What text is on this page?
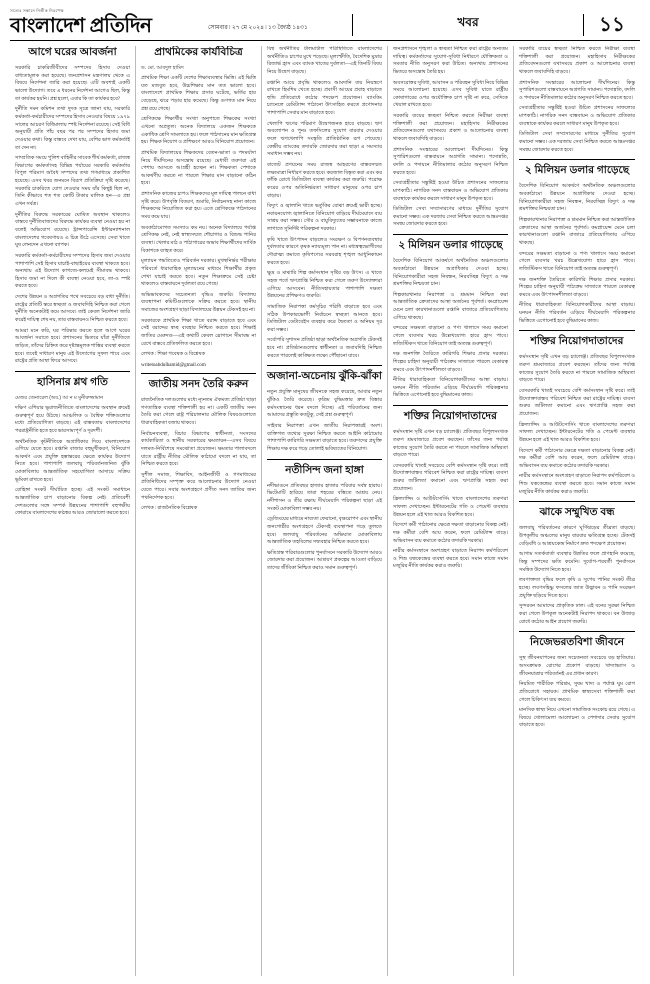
সত্যের সন্ধানে নির্ভীক নিরপেক্ষ
বাংলাদেশ প্রতিদিন	সোমবার ৷ ২৭ মে ২০২৪ ৷ ১৩ জ্যৈষ্ঠ ১৪৩১	খবর	১১
আগে ঘরের আবর্জনা

সরকারি চাকরিজীবীদের সম্পদের হিসাব দেওয়া বাধ্যতামূলক করা হয়েছে। জনপ্রশাসন মন্ত্রণালয় থেকে এ বিষয়ে নির্দেশনা জারি করা হয়েছে। এটি অবশ্যই একটি ভালো উদ্যোগ। তবে এ ধরনের নির্দেশনা আগেও ছিল, কিন্তু তা কার্যকর হয়নি। প্রশ্ন হলো, এবার কি তা কার্যকর হবে?

দুর্নীতি দমন কমিশন তথা দুদক সূত্রে জানা যায়, সরকারি কর্মকর্তা-কর্মচারীদের সম্পদের হিসাব নেওয়ার বিষয়ে ১৯৭৯ সালের আচরণ বিধিমালায় স্পষ্ট নির্দেশনা রয়েছে। সেই বিধি অনুযায়ী প্রতি পাঁচ বছর পর পর সম্পদের হিসাব জমা দেওয়ার কথা। কিন্তু বাস্তবে দেখা যায়, বেশির ভাগ কর্মকর্তাই তা দেন না।

সাম্প্রতিক সময়ে পুলিশ বাহিনীর সাবেক শীর্ষ কর্মকর্তা, রাজস্ব বিভাগের কর্মকর্তাসহ বিভিন্ন পর্যায়ের সরকারি কর্মকর্তার বিপুল পরিমাণ অবৈধ সম্পদের তথ্য গণমাধ্যমে প্রকাশিত হয়েছে। এসব খবর জনমনে বিরূপ প্রতিক্রিয়া সৃষ্টি করেছে। সরকারি চাকরিতে যোগ দেওয়ার সময় যাঁর কিছুই ছিল না, তিনি কীভাবে শত শত কোটি টাকার মালিক হন—এ প্রশ্ন এখন সর্বত্র।

দুর্নীতির বিরুদ্ধে সরকারের ঘোষিত অবস্থান থাকলেও বাস্তবে দুর্নীতিবাজদের বিরুদ্ধে কার্যকর ব্যবস্থা নেওয়া হয় না বলেই অভিযোগ রয়েছে। ট্রান্সপারেন্সি ইন্টারন্যাশনাল বাংলাদেশের গবেষণায়ও এ চিত্র উঠে এসেছে। সেবা খাতে ঘুষ লেনদেন এখনো ব্যাপক।

সরকারি কর্মকর্তা-কর্মচারীদের সম্পদের হিসাব জমা দেওয়ার পাশাপাশি সেই হিসাব যাচাই-বাছাইয়ের ব্যবস্থা থাকতে হবে। অন্যথায় এই উদ্যোগ কাগজে-কলমেই সীমাবদ্ধ থাকবে। হিসাব জমা না দিলে কী ব্যবস্থা নেওয়া হবে, তা-ও স্পষ্ট করতে হবে।

দেশের উন্নয়ন ও অগ্রগতির পথে সবচেয়ে বড় বাধা দুর্নীতি। রাষ্ট্রের প্রতিটি স্তরে স্বচ্ছতা ও জবাবদিহি নিশ্চিত করা গেলে দুর্নীতি অনেকটাই কমে আসবে। তাই কেবল নির্দেশনা জারি করেই দায়িত্ব শেষ নয়, তার বাস্তবায়নও নিশ্চিত করতে হবে।

আমরা মনে করি, ঘর পরিষ্কার করতে হলে আগে ঘরের আবর্জনা সরাতে হবে। প্রশাসনের ভিতরে যাঁরা দুর্নীতিতে জড়িত, তাঁদের চিহ্নিত করে দৃষ্টান্তমূলক শাস্তির ব্যবস্থা করতে হবে। তবেই সাধারণ মানুষ এই উদ্যোগের সুফল পাবে এবং রাষ্ট্রের প্রতি আস্থা ফিরে আসবে।

হাসিনার শ্লথ গতি
মেজর জেনারেল (অব.) আ ন ম মুনীরুজ্জামান

দক্ষিণ এশিয়ার ভূরাজনীতিতে বাংলাদেশের অবস্থান ক্রমেই গুরুত্বপূর্ণ হয়ে উঠছে। আঞ্চলিক ও বৈশ্বিক শক্তিগুলোর মধ্যে প্রতিযোগিতা বাড়ছে। এই বাস্তবতায় বাংলাদেশের পররাষ্ট্রনীতি হতে হবে ভারসাম্যপূর্ণ ও দূরদর্শী।

অর্থনৈতিক কূটনীতিকে অগ্রাধিকার দিয়ে বাংলাদেশকে এগিয়ে যেতে হবে। রপ্তানি বাজার বহুমুখীকরণ, বিনিয়োগ আকর্ষণ এবং প্রযুক্তি হস্তান্তরের ক্ষেত্রে কার্যকর উদ্যোগ নিতে হবে। পাশাপাশি জলবায়ু পরিবর্তনজনিত ঝুঁকি মোকাবিলায় আন্তর্জাতিক সহযোগিতা আদায়ে সক্রিয় ভূমিকা রাখতে হবে।

রোহিঙ্গা সংকট দীর্ঘায়িত হচ্ছে। এই সংকট সমাধানে আন্তর্জাতিক চাপ বাড়ানোর বিকল্প নেই। প্রতিবেশী দেশগুলোর সঙ্গে সম্পর্ক উন্নয়নের পাশাপাশি বহুপক্ষীয় ফোরামে বাংলাদেশের কণ্ঠস্বর আরও জোরালো করতে হবে।

প্রাথমিকের কার্যবিচিত্র
ড. মো. আবদুল হামিদ

প্রাথমিক শিক্ষা একটি দেশের শিক্ষাব্যবস্থার ভিত্তি। এই ভিত্তি যত মজবুত হবে, উচ্চশিক্ষার মান তত ভালো হবে। বাংলাদেশে প্রাথমিক শিক্ষার প্রসার ঘটেছে, ভর্তির হার বেড়েছে, ঝরে পড়ার হার কমেছে। কিন্তু গুণগত মান নিয়ে প্রশ্ন রয়ে গেছে।

শ্রেণিকক্ষে শিক্ষার্থীর সংখ্যা অনুপাতে শিক্ষকের সংখ্যা এখনো অপ্রতুল। অনেক বিদ্যালয়ে একজন শিক্ষককে একাধিক শ্রেণি সামলাতে হয়। ফলে পাঠদানের মান ক্ষতিগ্রস্ত হয়। শিক্ষক নিয়োগ ও প্রশিক্ষণে আরও বিনিয়োগ প্রয়োজন।

প্রাথমিক বিদ্যালয়ের শিক্ষকদের বেতন-ভাতা ও পদমর্যাদা নিয়ে দীর্ঘদিনের অসন্তোষ রয়েছে। মেধাবী তরুণরা এই পেশায় আসতে আগ্রহী হচ্ছেন না। শিক্ষকতা পেশাকে আকর্ষণীয় করতে না পারলে শিক্ষার মান বাড়ানো কঠিন হবে।

প্রশাসনিক কাজের চাপও শিক্ষকদের মূল দায়িত্ব পালনে বাধা সৃষ্টি করে। উপবৃত্তি বিতরণ, শুমারি, নির্বাচনসহ নানা কাজে শিক্ষকদের নিয়োজিত করা হয়। এতে শ্রেণিকক্ষে পাঠদানের সময় কমে যায়।

অবকাঠামোগত সমস্যাও কম নয়। অনেক বিদ্যালয়ে পর্যাপ্ত শ্রেণিকক্ষ নেই, নেই স্বাস্থ্যসম্মত শৌচাগার ও বিশুদ্ধ পানির ব্যবস্থা। খেলার মাঠ ও পাঠাগারের অভাব শিক্ষার্থীদের সার্বিক বিকাশকে ব্যাহত করে।

মূল্যায়ন পদ্ধতিতেও পরিবর্তন দরকার। মুখস্থনির্ভর পরীক্ষার পরিবর্তে ধারাবাহিক মূল্যায়নের মাধ্যমে শিক্ষার্থীর প্রকৃত শেখা যাচাই করতে হবে। নতুন শিক্ষাক্রমে সেই চেষ্টা থাকলেও বাস্তবায়নে দুর্বলতা রয়ে গেছে।

অভিভাবকদের সচেতনতা বৃদ্ধিও জরুরি। বিদ্যালয় ব্যবস্থাপনা কমিটিগুলোকে সক্রিয় করতে হবে। স্থানীয় সমাজের অংশগ্রহণ ছাড়া বিদ্যালয়ের উন্নয়ন টেকসই হয় না।

সরকারকে প্রাথমিক শিক্ষা খাতে বরাদ্দ বাড়াতে হবে এবং সেই বরাদ্দের স্বচ্ছ ব্যবহার নিশ্চিত করতে হবে। শিক্ষাই জাতির মেরুদণ্ড—এই কথাটি কেবল স্লোগানে সীমাবদ্ধ না রেখে বাস্তবে প্রতিফলিত করতে হবে।

লেখক : শিক্ষা গবেষক ও বিশ্লেষক

writetoabdulhamid@gmail.com
জাতীয় সনদ তৈরি করুন

রাজনৈতিক দলগুলোর মধ্যে ন্যূনতম ঐকমত্য প্রতিষ্ঠা ছাড়া গণতান্ত্রিক ব্যবস্থা শক্তিশালী হয় না। একটি জাতীয় সনদ তৈরি করা গেলে রাষ্ট্র পরিচালনার মৌলিক বিষয়গুলোতে ধারাবাহিকতা বজায় থাকবে।

নির্বাচনব্যবস্থা, বিচার বিভাগের স্বাধীনতা, সংসদের কার্যকারিতা ও স্থানীয় সরকারের ক্ষমতায়ন—এসব বিষয়ে দলমত-নির্বিশেষে সমঝোতা প্রয়োজন। ক্ষমতার পালাবদলে যাতে রাষ্ট্রীয় নীতির মৌলিক কাঠামো বদলে না যায়, তা নিশ্চিত করতে হবে।

সুশীল সমাজ, শিক্ষাবিদ, আইনজীবী ও গণমাধ্যমের প্রতিনিধিদের সম্পৃক্ত করে আলোচনার উদ্যোগ নেওয়া যেতে পারে। সবার অংশগ্রহণে প্রণীত সনদ জাতির জন্য পথনির্দেশক হবে।

লেখক : রাজনৈতিক বিশ্লেষক

বিশ্ব অর্থনীতির টালমাটাল পরিস্থিতিতে বাংলাদেশের অর্থনীতিও চাপের মুখে পড়েছে। মূল্যস্ফীতি, বৈদেশিক মুদ্রার রিজার্ভ হ্রাস এবং ব্যাংক খাতের দুর্বলতা—এই তিনটি বিষয় নিয়ে উদ্বেগ বাড়ছে।

রপ্তানি আয়ে প্রবৃদ্ধি থাকলেও আমদানি ব্যয় নিয়ন্ত্রণে রাখতে হিমশিম খেতে হচ্ছে। প্রবাসী আয়ের প্রবাহ বাড়াতে হুন্ডি প্রতিরোধে কঠোর পদক্ষেপ প্রয়োজন। ব্যাংকিং চ্যানেলে রেমিট্যান্স পাঠানো উৎসাহিত করতে প্রণোদনার পাশাপাশি সেবার মান বাড়াতে হবে।

খেলাপি ঋণের পরিমাণ উদ্বেগজনক হারে বাড়ছে। ঋণ অবলোপন ও পুনঃ তফসিলের সুযোগ বারবার দেওয়ার ফলে ঋণখেলাপি সংস্কৃতি প্রাতিষ্ঠানিক রূপ পেয়েছে। কেন্দ্রীয় ব্যাংকের তদারকি জোরদার করা ছাড়া এ সমস্যার সমাধান সম্ভব নয়।

বাজেট প্রণয়নের সময় রাজস্ব আহরণের বাস্তবসম্মত লক্ষ্যমাত্রা নির্ধারণ করতে হবে। করজাল বিস্তৃত করা এবং কর ফাঁকি রোধে ডিজিটাল ব্যবস্থা কার্যকর করা জরুরি। পরোক্ষ করের ওপর অতিনির্ভরতা সাধারণ মানুষের ওপর চাপ বাড়ায়।

বিদ্যুৎ ও জ্বালানি খাতে ভর্তুকির বোঝা ক্রমেই ভারী হচ্ছে। নবায়নযোগ্য জ্বালানিতে বিনিয়োগ বাড়িয়ে দীর্ঘমেয়াদে ব্যয় সাশ্রয় করা সম্ভব। সৌর ও বায়ুবিদ্যুতের সম্ভাবনাকে কাজে লাগাতে সুনির্দিষ্ট পরিকল্পনা দরকার।

কৃষি খাতে উৎপাদন বাড়লেও সংরক্ষণ ও বিপণনব্যবস্থার দুর্বলতার কারণে কৃষক ন্যায্যমূল্য পান না। মধ্যস্বত্বভোগীদের দৌরাত্ম্য কমাতে কৃষিপণ্যের সরবরাহ শৃঙ্খল আধুনিকায়ন করতে হবে।

ক্ষুদ্র ও মাঝারি শিল্প কর্মসংস্থান সৃষ্টির বড় উৎস। এ খাতে সহজ শর্তে ঋণপ্রাপ্তি নিশ্চিত করা গেলে তরুণ উদ্যোক্তারা এগিয়ে আসবেন। নীতিসহায়তার পাশাপাশি দক্ষতা উন্নয়নের প্রশিক্ষণও জরুরি।

সামাজিক নিরাপত্তা কর্মসূচির পরিধি বাড়াতে হবে এবং সঠিক উপকারভোগী নির্বাচনে স্বচ্ছতা আনতে হবে। ডিজিটাল ডেটাবেইস ব্যবহার করে দ্বৈততা ও অনিয়ম দূর করা সম্ভব।

সর্বোপরি সুশাসন প্রতিষ্ঠা ছাড়া অর্থনৈতিক অগ্রগতি টেকসই হবে না। প্রতিষ্ঠানগুলোর স্বাধীনতা ও জবাবদিহি নিশ্চিত করতে পারলেই কাঙ্ক্ষিত লক্ষ্যে পৌঁছানো যাবে।

অজানা-অচেনায় ঝুঁকি-ঝাঁকা

নতুন প্রযুক্তি মানুষের জীবনকে সহজ করেছে, আবার নতুন ঝুঁকিও তৈরি করেছে। কৃত্রিম বুদ্ধিমত্তার দ্রুত বিস্তার কর্মসংস্থানের ধরন বদলে দিচ্ছে। এই পরিবর্তনের জন্য আমাদের প্রস্তুতি কতটুকু, সেই প্রশ্ন গুরুত্বপূর্ণ।

সাইবার নিরাপত্তা এখন জাতীয় নিরাপত্তারই অংশ। ব্যক্তিগত তথ্যের সুরক্ষা নিশ্চিত করতে আইনি কাঠামোর পাশাপাশি কারিগরি সক্ষমতা বাড়াতে হবে। তরুণদের প্রযুক্তি শিক্ষায় দক্ষ করে গড়ে তোলাই ভবিষ্যতের বিনিয়োগ।

নতীসিন্দ জনা হাঙ্গা

নদীভাঙনে প্রতিবছর হাজার হাজার পরিবার সর্বস্ব হারায়। ভিটেমাটি হারিয়ে তারা শহরের বস্তিতে আশ্রয় নেয়। নদীশাসন ও তীর রক্ষায় দীর্ঘমেয়াদি পরিকল্পনা ছাড়া এই সংকট মোকাবিলা সম্ভব নয়।

ড্রেজিংয়ের মাধ্যমে নাব্যতা ফেরানো, বৃক্ষরোপণ এবং স্থানীয় জনগোষ্ঠীর অংশগ্রহণে টেকসই ব্যবস্থাপনা গড়ে তুলতে হবে। জলবায়ু পরিবর্তনের অভিঘাত মোকাবিলায় আন্তর্জাতিক তহবিলের সদ্ব্যবহার নিশ্চিত করতে হবে।

ক্ষতিগ্রস্ত পরিবারগুলোর পুনর্বাসনে সরকারি উদ্যোগ আরও জোরদার করা প্রয়োজন। আশ্রয়ণ প্রকল্পের আওতা বাড়িয়ে তাদের জীবিকা নিশ্চিত করাও সমান গুরুত্বপূর্ণ।

জনপ্রশাসনে শৃঙ্খলা ও স্বচ্ছতা নিশ্চিত করা রাষ্ট্রের অন্যতম দায়িত্ব। কর্মকর্তাদের সুযোগ-সুবিধা নির্ধারণে যৌক্তিকতা ও সমতার নীতি অনুসরণ করা উচিত। অন্যথায় প্রশাসনের ভিতরে অসন্তোষ তৈরি হয়।

অবসরোত্তর সুবিধা, আবাসন ও পরিবহন সুবিধা নিয়ে বিভিন্ন সময়ে আলোচনা হয়েছে। এসব সুবিধা যাতে রাষ্ট্রীয় কোষাগারের ওপর অযৌক্তিক চাপ সৃষ্টি না করে, সেদিকে খেয়াল রাখতে হবে।

সরকারি ব্যয়ের স্বচ্ছতা নিশ্চিত করতে নিরীক্ষা ব্যবস্থা শক্তিশালী করা প্রয়োজন। মহাহিসাব নিরীক্ষকের প্রতিবেদনগুলো যথাসময়ে প্রকাশ ও আলোচনার ব্যবস্থা থাকলে জবাবদিহি বাড়বে।

প্রশাসনিক সংস্কারের আলোচনা দীর্ঘদিনের। কিন্তু সুপারিশগুলো বাস্তবায়নে অগ্রগতি সামান্য। পদোন্নতি, বদলি ও পদায়নে নীতিমালার কঠোর অনুসরণ নিশ্চিত করতে হবে।

সেবাগ্রহীতার সন্তুষ্টিই হওয়া উচিত প্রশাসনের সাফল্যের মাপকাঠি। নাগরিক সনদ বাস্তবায়ন ও অভিযোগ প্রতিকার ব্যবস্থাকে কার্যকর করলে সাধারণ মানুষ উপকৃত হবে।

ডিজিটাল সেবা সম্প্রসারণের মাধ্যমে দুর্নীতির সুযোগ কমানো সম্ভব। এক দরজায় সেবা নিশ্চিত করতে আন্তঃদপ্তর সমন্বয় জোরদার করতে হবে।

২ মিলিয়ন ডলার গাড়েছে

বৈদেশিক বিনিয়োগ আকর্ষণে অর্থনৈতিক অঞ্চলগুলোর অবকাঠামো উন্নয়নে অগ্রাধিকার দেওয়া হচ্ছে। বিনিয়োগকারীরা সহজ নিবন্ধন, নিরবচ্ছিন্ন বিদ্যুৎ ও দক্ষ শ্রমশক্তির নিশ্চয়তা চান।

শিল্পকারখানার নিরাপত্তা ও শ্রমমান নিশ্চিত করা আন্তর্জাতিক ক্রেতাদের আস্থা অর্জনের পূর্বশর্ত। কমপ্লায়েন্স মেনে চলা কারখানাগুলো রপ্তানি বাজারে প্রতিযোগিতায় এগিয়ে থাকছে।

বন্দরের সক্ষমতা বাড়ানো ও পণ্য খালাসে সময় কমানো গেলে ব্যবসার খরচ উল্লেখযোগ্য হারে হ্রাস পাবে। লজিস্টিকস খাতে বিনিয়োগ তাই অত্যন্ত গুরুত্বপূর্ণ।

দক্ষ জনশক্তি তৈরিতে কারিগরি শিক্ষার প্রসার দরকার। শিল্পের চাহিদা অনুযায়ী পাঠ্যক্রম সাজাতে পারলে বেকারত্ব কমবে এবং উৎপাদনশীলতা বাড়বে।

নীতির ধারাবাহিকতা বিনিয়োগকারীদের আস্থা বাড়ায়। ঘনঘন নীতি পরিবর্তন এড়িয়ে দীর্ঘমেয়াদি পরিকল্পনার ভিত্তিতে এগোনোই হবে বুদ্ধিমানের কাজ।

শক্তির নিয়োগদাতাদের

কর্মসংস্থান সৃষ্টি এখন বড় চ্যালেঞ্জ। প্রতিবছর বিপুলসংখ্যক তরুণ শ্রমবাজারে প্রবেশ করছেন। তাঁদের জন্য পর্যাপ্ত কাজের সুযোগ তৈরি করতে না পারলে সামাজিক অস্থিরতা বাড়তে পারে।

বেসরকারি খাতই সবচেয়ে বেশি কর্মসংস্থান সৃষ্টি করে। তাই উদ্যোক্তাবান্ধব পরিবেশ নিশ্চিত করা রাষ্ট্রের দায়িত্ব। ব্যবসা শুরুর জটিলতা কমানো এবং ঋণপ্রাপ্তি সহজ করা প্রয়োজন।

ফ্রিল্যান্সিং ও আউটসোর্সিং খাতে বাংলাদেশের তরুণরা সাফল্য দেখাচ্ছেন। ইন্টারনেটের গতি ও পেমেন্ট ব্যবস্থার উন্নয়ন হলে এই খাত আরও বিকশিত হবে।

বিদেশে কর্মী পাঠানোর ক্ষেত্রে দক্ষতা বাড়ানোর বিকল্প নেই। দক্ষ কর্মীরা বেশি আয় করেন, ফলে রেমিট্যান্স বাড়ে। অভিবাসন ব্যয় কমাতে কঠোর তদারকি দরকার।

নারীর কর্মসংস্থানে অংশগ্রহণ বাড়াতে নিরাপদ কর্মপরিবেশ ও শিশু যত্নকেন্দ্রের ব্যবস্থা করতে হবে। সমান কাজে সমান মজুরির নীতি কার্যকর করাও জরুরি।

সরকারি ব্যয়ের স্বচ্ছতা নিশ্চিত করতে নিরীক্ষা ব্যবস্থা শক্তিশালী করা প্রয়োজন। মহাহিসাব নিরীক্ষকের প্রতিবেদনগুলো যথাসময়ে প্রকাশ ও আলোচনার ব্যবস্থা থাকলে জবাবদিহি বাড়বে।

প্রশাসনিক সংস্কারের আলোচনা দীর্ঘদিনের। কিন্তু সুপারিশগুলো বাস্তবায়নে অগ্রগতি সামান্য। পদোন্নতি, বদলি ও পদায়নে নীতিমালার কঠোর অনুসরণ নিশ্চিত করতে হবে।

সেবাগ্রহীতার সন্তুষ্টিই হওয়া উচিত প্রশাসনের সাফল্যের মাপকাঠি। নাগরিক সনদ বাস্তবায়ন ও অভিযোগ প্রতিকার ব্যবস্থাকে কার্যকর করলে সাধারণ মানুষ উপকৃত হবে।

ডিজিটাল সেবা সম্প্রসারণের মাধ্যমে দুর্নীতির সুযোগ কমানো সম্ভব। এক দরজায় সেবা নিশ্চিত করতে আন্তঃদপ্তর সমন্বয় জোরদার করতে হবে।

২ মিলিয়ন ডলার গাড়েছে

বৈদেশিক বিনিয়োগ আকর্ষণে অর্থনৈতিক অঞ্চলগুলোর অবকাঠামো উন্নয়নে অগ্রাধিকার দেওয়া হচ্ছে। বিনিয়োগকারীরা সহজ নিবন্ধন, নিরবচ্ছিন্ন বিদ্যুৎ ও দক্ষ শ্রমশক্তির নিশ্চয়তা চান।

শিল্পকারখানার নিরাপত্তা ও শ্রমমান নিশ্চিত করা আন্তর্জাতিক ক্রেতাদের আস্থা অর্জনের পূর্বশর্ত। কমপ্লায়েন্স মেনে চলা কারখানাগুলো রপ্তানি বাজারে প্রতিযোগিতায় এগিয়ে থাকছে।

বন্দরের সক্ষমতা বাড়ানো ও পণ্য খালাসে সময় কমানো গেলে ব্যবসার খরচ উল্লেখযোগ্য হারে হ্রাস পাবে। লজিস্টিকস খাতে বিনিয়োগ তাই অত্যন্ত গুরুত্বপূর্ণ।

দক্ষ জনশক্তি তৈরিতে কারিগরি শিক্ষার প্রসার দরকার। শিল্পের চাহিদা অনুযায়ী পাঠ্যক্রম সাজাতে পারলে বেকারত্ব কমবে এবং উৎপাদনশীলতা বাড়বে।

নীতির ধারাবাহিকতা বিনিয়োগকারীদের আস্থা বাড়ায়। ঘনঘন নীতি পরিবর্তন এড়িয়ে দীর্ঘমেয়াদি পরিকল্পনার ভিত্তিতে এগোনোই হবে বুদ্ধিমানের কাজ।

শক্তির নিয়োগদাতাদের

কর্মসংস্থান সৃষ্টি এখন বড় চ্যালেঞ্জ। প্রতিবছর বিপুলসংখ্যক তরুণ শ্রমবাজারে প্রবেশ করছেন। তাঁদের জন্য পর্যাপ্ত কাজের সুযোগ তৈরি করতে না পারলে সামাজিক অস্থিরতা বাড়তে পারে।

বেসরকারি খাতই সবচেয়ে বেশি কর্মসংস্থান সৃষ্টি করে। তাই উদ্যোক্তাবান্ধব পরিবেশ নিশ্চিত করা রাষ্ট্রের দায়িত্ব। ব্যবসা শুরুর জটিলতা কমানো এবং ঋণপ্রাপ্তি সহজ করা প্রয়োজন।

ফ্রিল্যান্সিং ও আউটসোর্সিং খাতে বাংলাদেশের তরুণরা সাফল্য দেখাচ্ছেন। ইন্টারনেটের গতি ও পেমেন্ট ব্যবস্থার উন্নয়ন হলে এই খাত আরও বিকশিত হবে।

বিদেশে কর্মী পাঠানোর ক্ষেত্রে দক্ষতা বাড়ানোর বিকল্প নেই। দক্ষ কর্মীরা বেশি আয় করেন, ফলে রেমিট্যান্স বাড়ে। অভিবাসন ব্যয় কমাতে কঠোর তদারকি দরকার।

নারীর কর্মসংস্থানে অংশগ্রহণ বাড়াতে নিরাপদ কর্মপরিবেশ ও শিশু যত্নকেন্দ্রের ব্যবস্থা করতে হবে। সমান কাজে সমান মজুরির নীতি কার্যকর করাও জরুরি।

ঝাকে সম্মুখিত বন্ধ

জলবায়ু পরিবর্তনের কারণে ঘূর্ণিঝড়ের তীব্রতা বাড়ছে। উপকূলীয় অঞ্চলের মানুষ বারবার ক্ষতিগ্রস্ত হচ্ছে। টেকসই বেড়িবাঁধ ও আশ্রয়কেন্দ্র নির্মাণে দ্রুত পদক্ষেপ প্রয়োজন।

আগাম সতর্কবার্তা ব্যবস্থার উন্নতির ফলে প্রাণহানি কমেছে, কিন্তু সম্পদের ক্ষতি কমেনি। দুর্যোগ-পরবর্তী পুনর্বাসনে সমন্বিত উদ্যোগ নিতে হবে।

লবণাক্ততা বৃদ্ধির ফলে কৃষি ও সুপেয় পানির সংকট তীব্র হচ্ছে। লবণসহিষ্ণু ফসলের জাত উদ্ভাবন ও পানি সংরক্ষণ প্রযুক্তি ছড়িয়ে দিতে হবে।

সুন্দরবন আমাদের প্রাকৃতিক ঢাল। এই বনের সুরক্ষা নিশ্চিত করা গেলে উপকূল অনেকটাই নিরাপদ থাকবে। বন উজাড় রোধে কঠোর আইন প্রয়োগ জরুরি।

নিজেভরতবিশা জীবনে

সুস্থ জীবনযাপনের জন্য সচেতনতা সবচেয়ে বড় হাতিয়ার। অসংক্রামক রোগের প্রকোপ বাড়ছে। খাদ্যাভ্যাস ও জীবনযাত্রার পরিবর্তনই এর প্রধান কারণ।

নিয়মিত শারীরিক পরিশ্রম, সুষম খাদ্য ও পর্যাপ্ত ঘুম রোগ প্রতিরোধে সহায়ক। প্রাথমিক স্বাস্থ্যসেবা শক্তিশালী করা গেলে চিকিৎসা ব্যয় কমবে।

মানসিক স্বাস্থ্য নিয়ে এখনো সামাজিক সংকোচ রয়ে গেছে। এ বিষয়ে খোলামেলা আলোচনা ও পেশাদার সেবার সুযোগ বাড়াতে হবে।
